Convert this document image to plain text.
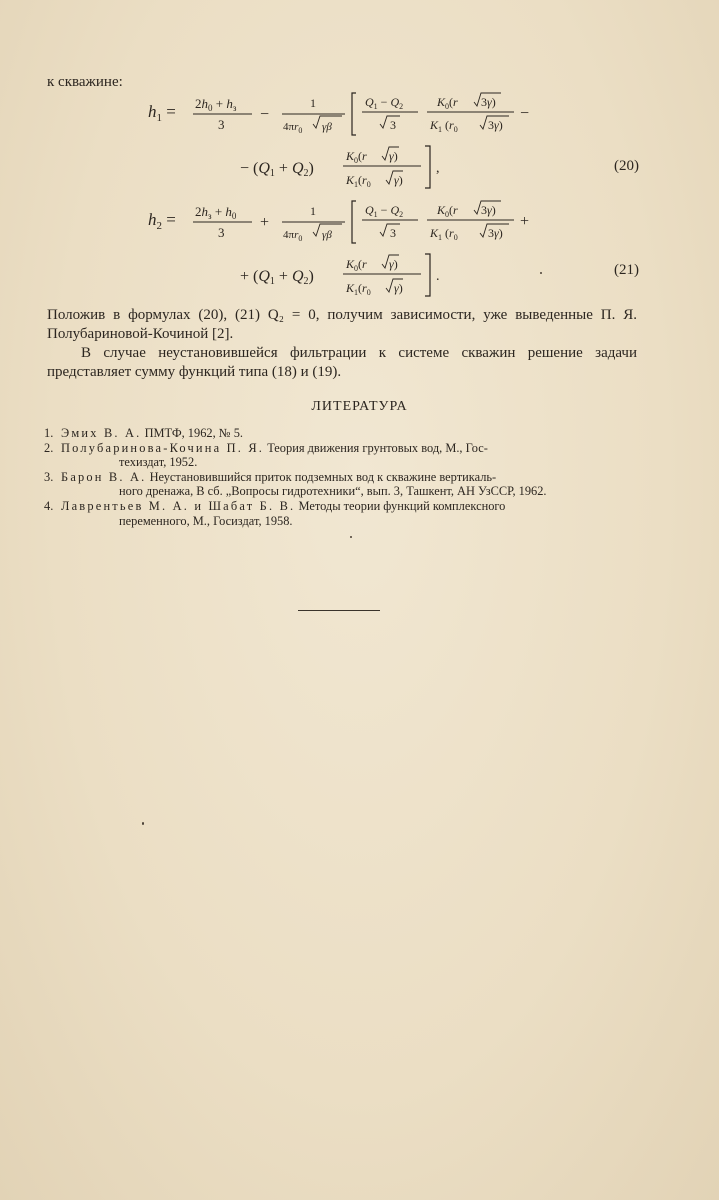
к скважине:
$h_1 = 2h_0 + h_з$
3
−
1
$4\pi r_0$ γβ
$Q_1 - Q_2$
3
$K_0(r$ 3γ)
$K_1$ ($r_0$	3γ)
−
− (Q1 + Q2)
$K_0(r$ γ)
$K_1(r_0$ γ)
,	(20)
$h_2 = 2h_з + h_0$
3
+
1
$4\pi r_0$ γβ
$Q_1 - Q_2$
3
$K_0(r$ 3γ)
$K_1$ ($r_0$	3γ)
+
+ (Q1 + Q2)
$K_0(r$ γ)
$K_1(r_0$ γ)
.	(21)
Положив в формулах (20), (21) Q₂ = 0, получим зависимости, уже выведенные П. Я. Полубариновой-Кочиной [2].
В случае неустановившейся фильтрации к системе скважин решение задачи представляет сумму функций типа (18) и (19).
ЛИТЕРАТУРА
1. Эмих В. А. ПМТФ, 1962, № 5.
2. Полубаринова-Кочина П. Я. Теория движения грунтовых вод, М., Гос-
техиздат, 1952.
3. Барон В. А. Неустановившийся приток подземных вод к скважине вертикаль-
ного дренажа, В сб. „Вопросы гидротехники“, вып. 3, Ташкент, АН УзССР, 1962.
4. Лаврентьев М. А. и Шабат Б. В. Методы теории функций комплексного
переменного, М., Госиздат, 1958.
